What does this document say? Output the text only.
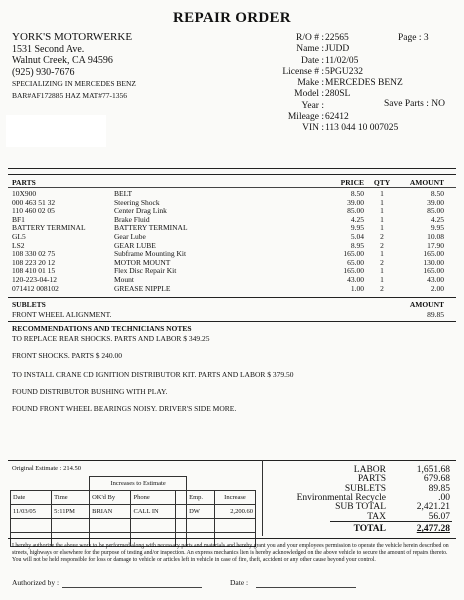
REPAIR ORDER
YORK'S MOTORWERKE
1531 Second Ave.
Walnut Creek, CA 94596
(925) 930-7676
SPECIALIZING IN MERCEDES BENZ
BAR#AF172885 HAZ MAT#77-1356
R/O # : 22565
Name : JUDD
Date : 11/02/05
License # : 5PGU232
Make : MERCEDES BENZ
Model : 280SL
Year :
Mileage : 62412
VIN : 113 044 10 007025
Page : 3
Save Parts : NO
PARTS	PRICE	QTY	AMOUNT
10X900	BELT	8.50	1	8.50
000 463 51 32	Steering Shock	39.00	1	39.00
110 460 02 05	Center Drag Link	85.00	1	85.00
BF1	Brake Fluid	4.25	1	4.25
BATTERY TERMINAL	BATTERY TERMINAL	9.95	1	9.95
GL5	Gear Lube	5.04	2	10.08
LS2	GEAR LUBE	8.95	2	17.90
108 330 02 75	Subframe Mounting Kit	165.00	1	165.00
108 223 20 12	MOTOR MOUNT	65.00	2	130.00
108 410 01 15	Flex Disc Repair Kit	165.00	1	165.00
120-223-04-12	Mount	43.00	1	43.00
071412 008102	GREASE NIPPLE	1.00	2	2.00
SUBLETS	AMOUNT
FRONT WHEEL ALIGNMENT.	89.85
RECOMMENDATIONS AND TECHNICIANS NOTES
TO REPLACE REAR SHOCKS. PARTS AND LABOR $ 349.25
FRONT SHOCKS. PARTS $ 240.00
TO INSTALL CRANE CD IGNITION DISTRIBUTOR KIT. PARTS AND LABOR $ 379.50
FOUND DISTRIBUTOR BUSHING WITH PLAY.
FOUND FRONT WHEEL BEARINGS NOISY. DRIVER'S SIDE MORE.
Original Estimate : 214.50
		Increases to Estimate				
Date	Time	OK'd By	Phone		Emp.	Increase
11/03/05	5:11PM	BRIAN	CALL IN		DW	2,200.60

LABOR	1,651.68
PARTS	679.68
SUBLETS	89.85
Environmental Recycle	.00
SUB TOTAL	2,421.21
TAX	56.07
TOTAL	2,477.28
I hereby authorize the above work to be performed along with necessary parts and materials and hereby grant you and your employees permission to operate the vehicle herein described on streets, highways or elsewhere for the purpose of testing and/or inspection. An express mechanics lien is hereby acknowledged on the above vehicle to secure the amount of repairs thereto. You will not be held responsible for loss or damage to vehicle or articles left in vehicle in case of fire, theft, accident or any other cause beyond your control.
Authorized by :	Date :
